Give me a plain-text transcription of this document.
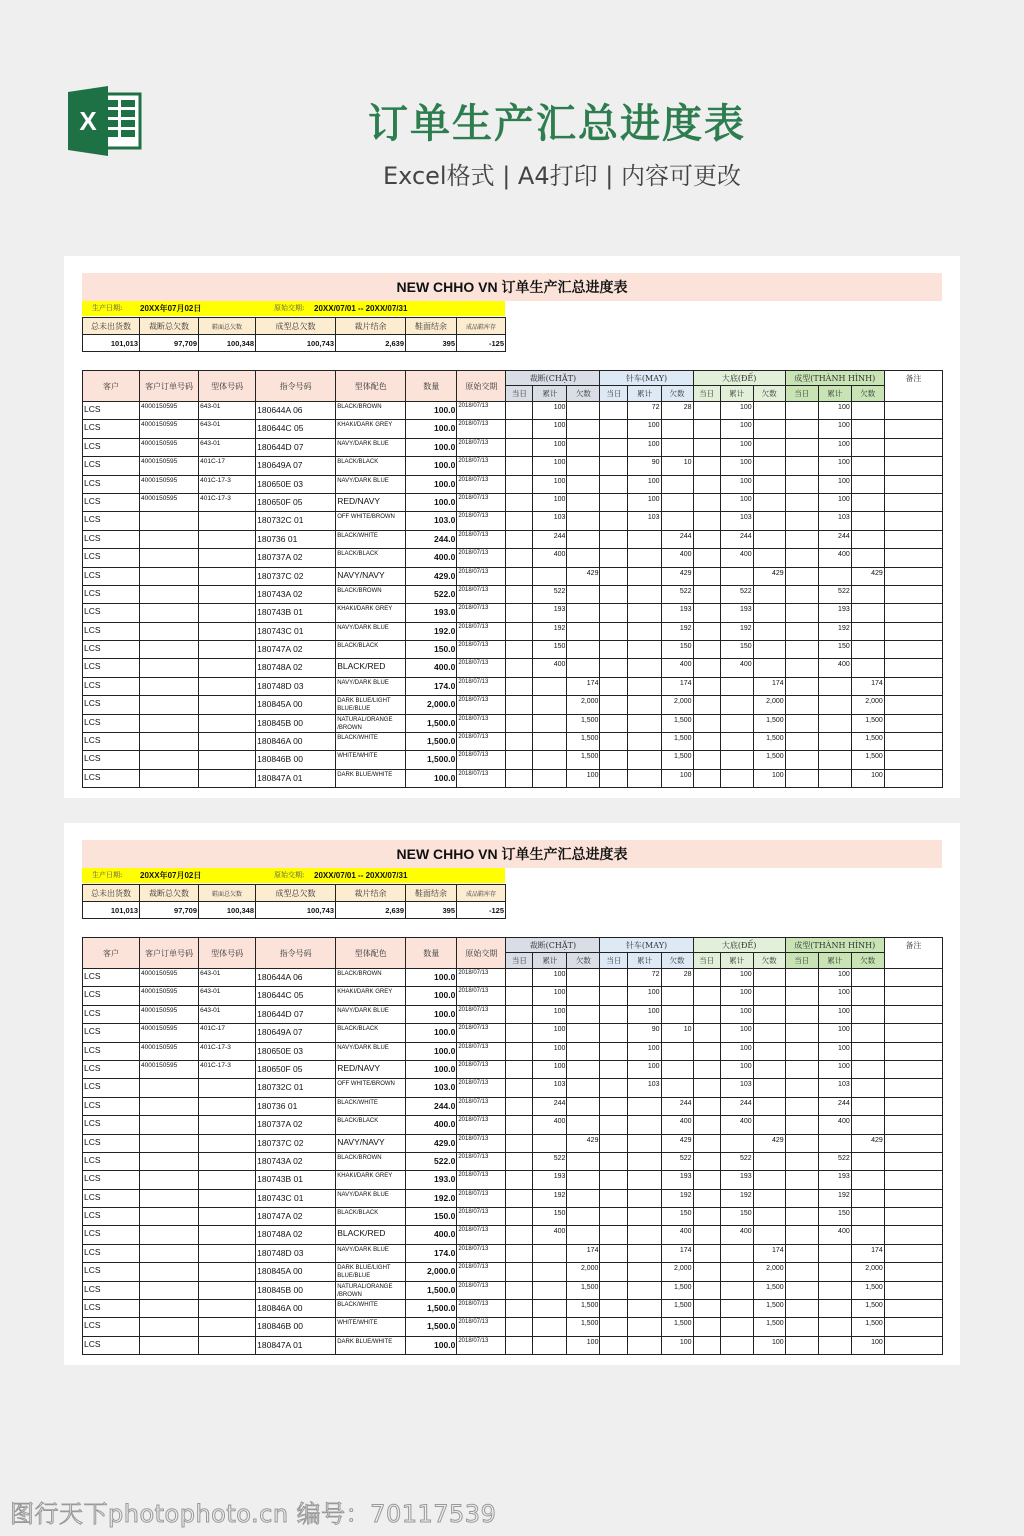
X	订单生产汇总进度表
Excel格式 | A4打印 | 内容可更改
NEW CHHO VN 订单生产汇总进度表
生产日期: 20XX年07月02日	原始交期: 20XX/07/01 -- 20XX/07/31
总未出货数	裁断总欠数	鞋面总欠数	成型总欠数	裁片结余	鞋面结余	成品鞋库存
101,013	97,709	100,348	100,743	2,639	395	-125
客户	客户订单号码	型体号码	指令号码	型体配色	数量	原始交期	裁断(CHẶT)			针车(MAY)			大底(ĐẾ)			成型(THÀNH HÌNH)			备注
							当日	累计	欠数	当日	累计	欠数	当日	累计	欠数	当日	累计	欠数	
LCS	4000150595	643-01	180644A 06	BLACK/BROWN	100.0	2018/07/13		100			72	28		100			100		
LCS	4000150595	643-01	180644C 05	KHAKI/DARK GREY	100.0	2018/07/13		100			100			100			100		
LCS	4000150595	643-01	180644D 07	NAVY/DARK BLUE	100.0	2018/07/13		100			100			100			100		
LCS	4000150595	401C-17	180649A 07	BLACK/BLACK	100.0	2018/07/13		100			90	10		100			100		
LCS	4000150595	401C-17-3	180650E 03	NAVY/DARK BLUE	100.0	2018/07/13		100			100			100			100		
LCS	4000150595	401C-17-3	180650F 05	RED/NAVY	100.0	2018/07/13		100			100			100			100		
LCS			180732C 01	OFF WHITE/BROWN	103.0	2018/07/13		103			103			103			103		
LCS			180736 01	BLACK/WHITE	244.0	2018/07/13		244				244		244			244		
LCS			180737A 02	BLACK/BLACK	400.0	2018/07/13		400				400		400			400		
LCS			180737C 02	NAVY/NAVY	429.0	2018/07/13			429			429			429			429	
LCS			180743A 02	BLACK/BROWN	522.0	2018/07/13		522				522		522			522		
LCS			180743B 01	KHAKI/DARK GREY	193.0	2018/07/13		193				193		193			193		
LCS			180743C 01	NAVY/DARK BLUE	192.0	2018/07/13		192				192		192			192		
LCS			180747A 02	BLACK/BLACK	150.0	2018/07/13		150				150		150			150		
LCS			180748A 02	BLACK/RED	400.0	2018/07/13		400				400		400			400		
LCS			180748D 03	NAVY/DARK BLUE	174.0	2018/07/13			174			174			174			174	
LCS			180845A 00	DARK BLUE/LIGHT BLUE/BLUE	2,000.0	2018/07/13			2,000			2,000			2,000			2,000	
LCS			180845B 00	NATURAL/ORANGE /BROWN	1,500.0	2018/07/13			1,500			1,500			1,500			1,500	
LCS			180846A 00	BLACK/WHITE	1,500.0	2018/07/13			1,500			1,500			1,500			1,500	
LCS			180846B 00	WHITE/WHITE	1,500.0	2018/07/13			1,500			1,500			1,500			1,500	
LCS			180847A 01	DARK BLUE/WHITE	100.0	2018/07/13			100			100			100			100	
NEW CHHO VN 订单生产汇总进度表
生产日期: 20XX年07月02日	原始交期: 20XX/07/01 -- 20XX/07/31
总未出货数	裁断总欠数	鞋面总欠数	成型总欠数	裁片结余	鞋面结余	成品鞋库存
101,013	97,709	100,348	100,743	2,639	395	-125
客户	客户订单号码	型体号码	指令号码	型体配色	数量	原始交期	裁断(CHẶT)			针车(MAY)			大底(ĐẾ)			成型(THÀNH HÌNH)			备注
							当日	累计	欠数	当日	累计	欠数	当日	累计	欠数	当日	累计	欠数	
LCS	4000150595	643-01	180644A 06	BLACK/BROWN	100.0	2018/07/13		100			72	28		100			100		
LCS	4000150595	643-01	180644C 05	KHAKI/DARK GREY	100.0	2018/07/13		100			100			100			100		
LCS	4000150595	643-01	180644D 07	NAVY/DARK BLUE	100.0	2018/07/13		100			100			100			100		
LCS	4000150595	401C-17	180649A 07	BLACK/BLACK	100.0	2018/07/13		100			90	10		100			100		
LCS	4000150595	401C-17-3	180650E 03	NAVY/DARK BLUE	100.0	2018/07/13		100			100			100			100		
LCS	4000150595	401C-17-3	180650F 05	RED/NAVY	100.0	2018/07/13		100			100			100			100		
LCS			180732C 01	OFF WHITE/BROWN	103.0	2018/07/13		103			103			103			103		
LCS			180736 01	BLACK/WHITE	244.0	2018/07/13		244				244		244			244		
LCS			180737A 02	BLACK/BLACK	400.0	2018/07/13		400				400		400			400		
LCS			180737C 02	NAVY/NAVY	429.0	2018/07/13			429			429			429			429	
LCS			180743A 02	BLACK/BROWN	522.0	2018/07/13		522				522		522			522		
LCS			180743B 01	KHAKI/DARK GREY	193.0	2018/07/13		193				193		193			193		
LCS			180743C 01	NAVY/DARK BLUE	192.0	2018/07/13		192				192		192			192		
LCS			180747A 02	BLACK/BLACK	150.0	2018/07/13		150				150		150			150		
LCS			180748A 02	BLACK/RED	400.0	2018/07/13		400				400		400			400		
LCS			180748D 03	NAVY/DARK BLUE	174.0	2018/07/13			174			174			174			174	
LCS			180845A 00	DARK BLUE/LIGHT BLUE/BLUE	2,000.0	2018/07/13			2,000			2,000			2,000			2,000	
LCS			180845B 00	NATURAL/ORANGE /BROWN	1,500.0	2018/07/13			1,500			1,500			1,500			1,500	
LCS			180846A 00	BLACK/WHITE	1,500.0	2018/07/13			1,500			1,500			1,500			1,500	
LCS			180846B 00	WHITE/WHITE	1,500.0	2018/07/13			1,500			1,500			1,500			1,500	
LCS			180847A 01	DARK BLUE/WHITE	100.0	2018/07/13			100			100			100			100	
图行天下photophoto.cn 编号：70117539
